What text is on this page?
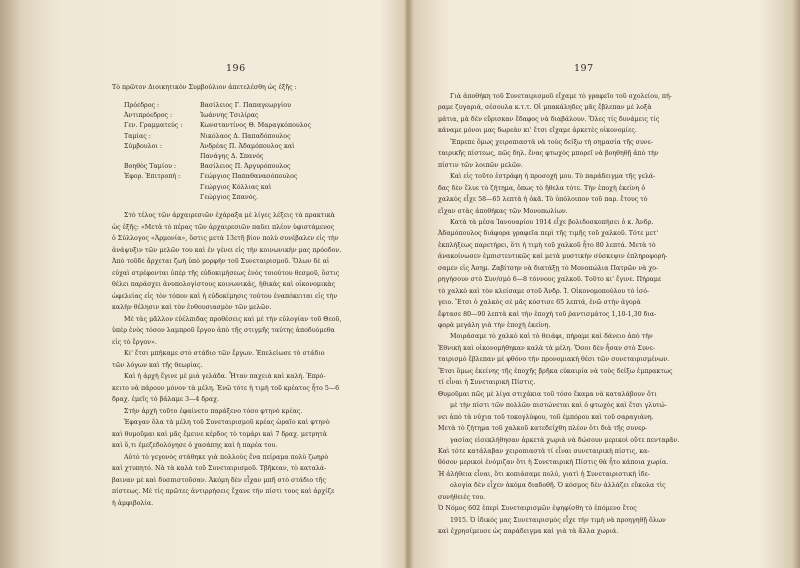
196
Τὸ πρῶτον Διοικητικὸν Συμβούλιον ἀπετελέσθη ὡς ἑξῆς :
Πρόεδρος :	Βασίλειος Γ. Παπαγεωργίου
Ἀντιπρόεδρος :	Ἰωάννης Τσιλίρας
Γεν. Γραμματεύς :	Κωνσταντίνος Θ. Μαραγκόπουλος
Ταμίας :	Νικόλαος Δ. Παπαδόπουλος
Σύμβουλοι :	Ἀνδρέας Π. Ἀδαμόπουλος καὶ
Πανάγης Δ. Σπανός
Βοηθὸς Ταμίου :	Βασίλειος Π. Ἀργυρόπουλος
Ἐφορ. Ἐπιτροπή :	Γεώργιος Παπαθανασόπουλος
Γεώργιος Κόλλιας καὶ
Γεώργιος Σπανός.
Στὸ τέλος τῶν ἀρχαιρεσιῶν ἐχάραξα μὲ λίγες λέξεις τὰ πρακτικὰ
ὡς ἑξῆς: «Μετὰ τὸ πέρας τῶν ἀρχαιρεσιῶν παῦει πλέον ὑφιστάμενος
ὁ Σύλλογος «Ἀρμονία», ὅστις μετὰ 13ετῆ βίον πολὺ συνέβαλεν εἰς τὴν
ἀνάψυξιν τῶν μελῶν του καὶ ἐν γένει εἰς τὴν κοινωνικὴν μας πρόοδον.
Ἀπὸ τοῦδε ἄρχεται ζωὴ ὑπὸ μορφὴν τοῦ Συνεταιρισμοῦ. Ὅλων δὲ αἱ
εὐχαὶ στρέφονται ὑπὲρ τῆς εὐδοκιμήσεως ἑνὸς τοιούτου θεσμοῦ, ὅστις
θέλει παράσχει ἀνυπολογίστους κοινωνικάς, ἠθικὰς καὶ οἰκονομικὰς
ὠφελείας εἰς τὸν τόπον καὶ ἡ εὐδοκίμησις τούτου ἐναπόκειται εἰς τὴν
καλὴν θέλησιν καὶ τὸν ἐνθουσιασμὸν τῶν μελῶν.
Μὲ τὰς μᾶλλον εὐέλπιδας προθέσεις καὶ μὲ τὴν εὐλογίαν τοῦ Θεοῦ,
ὑπὲρ ἑνὸς τόσον λαμπροῦ ἔργου ἀπὸ τῆς στιγμῆς ταύτης ἀποδυόμεθα
εἰς τὸ ἔργον».
Κι' ἔτσι μπήκαμε στὸ στάδιο τῶν ἔργων. Ἐπελείωσε τὸ στάδιο
τῶν λόγων καὶ τῆς θεωρίας.
Καὶ ἡ ἀρχὴ ἔγινε μὲ μιὰ γελάδα. Ἦταν παχειὰ καὶ καλή. Ἐπρό-
κειτο νὰ πάρουν μόνον τὰ μέλη. Ἐνῶ τότε ἡ τιμὴ τοῦ κρέατος ἦτο 5—6
δραχ. ἐμεῖς τὸ βάλαμε 3—4 δραχ.
Στὴν ἀρχὴ τοῦτο ἐφαίνετο παράξενο τόσο φτηνὸ κρέας.
Ἐφαγαν ὅλα τὰ μέλη τοῦ Συνεταιρισμοῦ κρέας ὡραῖο καὶ φτηνὸ
καὶ θυμοῦμαι καὶ μᾶς ἔμεινε κέρδος τὸ τομάρι καὶ 7 δραχ. μετρητὰ
καὶ ὅ,τι ἐμεζεδολόγησε ὁ χασάπης καὶ ἡ παρέα του.
Αὐτὸ τὸ γεγονὸς στάθηκε γιὰ πολλοὺς ἕνα πείραμα πολὺ ζωηρὸ
καὶ χτυπητό. Νὰ τὰ καλὰ τοῦ Συνεταιρισμοῦ. Τβῆκεαν, τὸ καταλά-
βαιναν μὲ καὶ δυσπιστοῦσαν. Ἀκόμη δὲν εἶχαν μπῆ στὸ στάδιο τῆς
πίστεως. Μὲ τὶς πρῶτες ἀντιρρήσεις ἔχανε τὴν πίστι τους καὶ ἀρχίζε
ἡ ἀμφιβολία.
197
Γιὰ ἀποθήκη τοῦ Συνεταιρισμοῦ εἴχαμε τὸ γραφεῖο τοῦ σχολείου, πή-
ραμε ζυγαριά, σέσουλα κ.τ.τ. Οἱ μπακάληδες μᾶς ἔβλεπαν μὲ λοξὰ
μάτια, μὰ δὲν εὕρισκαν ἔδαφος νὰ διαβάλουν. Ὅλες τίς δυνάμεις τίς
κάναμε μόνοι μας δωρεὰν κι' ἔτσι εἴχαμε ἀρκετὲς οἰκονομίες.
Ἔπρεπε ὅμως χειροπιαστὰ νὰ τοὺς δείξω τὴ σημασία τῆς συνε-
ταιρικῆς πίστεως, πῶς δηλ. ἕνας φτωχὸς μπορεῖ νὰ βοηθηθῇ ἀπὸ τὴν
πίστιν τῶν λοιπῶν μελῶν.
Καὶ εἰς τοῦτο ἐστράφη ἡ προσοχή μου. Τὸ παράδειγμα τῆς γελά-
δας δὲν ἔλυε τὸ ζήτημα, ὅπως τὸ ἤθελα τότε. Τὴν ἐποχὴ ἐκείνη ὁ
χαλκὸς εἶχε 58—65 λεπτὰ ἡ ὀκᾶ. Τὸ ὑπόλοιπον τοῦ παρ. ἔτους τὸ
εἴχαν στὰς ἀποθήκας τῶν Μονοπωλίων.
Κατὰ τὰ μέσα Ἰανουαρίου 1914 εἶχε βολιδοσκοπήσει ὁ κ. Ἀνδρ.
Ἀδαμόπουλος διάφορα γραφεῖα περὶ τῆς τιμῆς τοῦ χαλκοῦ. Τότε μετ'
ἐκπλήξεως παρετήρει, ὅτι ἡ τιμὴ τοῦ χαλκοῦ ἦτο 80 λεπτά. Μετὰ τὸ
ἀνακοίνωσεν ἐμπιστευτικῶς καὶ μετὰ μυστικὴν σύσκεψιν ἐπληροφορή-
σαμεν εἰς Ἀσημ. Ζαβίτσην νὰ διατάξῃ τὸ Μονοπώλια Πατρῶν νὰ χο-
ρηγήσουν στὸ Συν/σμὸ 6—8 τόννους χαλκοῦ. Τοῦτο κι' ἔγινε. Πήραμε
τὸ χαλκὸ καὶ τὸν κλείσαμε στοῦ Ἀνδρ. Ἰ. Οἰκονομοπούλου τὸ ἰσό-
γειο. Ἔτσι ὁ χαλκὸς σὲ μᾶς κόστισε 65 λεπτά, ἐνῶ στὴν ἀγορὰ
ἔφτασε 80—90 λεπτὰ καὶ τὴν ἐποχὴ τοῦ ῥαντισμάτος 1,10-1,30 δια-
φορὰ μεγάλη γιὰ τὴν ἐποχὴ ἐκείνη.
Μοιράσαμε τὸ χαλκὸ καὶ τὸ θειάφι, πήραμε καὶ δάνειο ἀπὸ τὴν
Ἐθνικὴ καὶ οἰκονομήθηκαν καλὰ τὰ μέλη. Ὅσοι δὲν ἦσαν στὸ Συνε-
ταιρισμὸ ἔβλεπαν μὲ φθόνο τὴν προνομιακὴ θέσι τῶν συνεταιρισμένων.
Ἔτσι ὅμως ἐκείνης τῆς ἐποχῆς βρῆκα εὐκαιρία νὰ τοὺς δείξω ἐμπρακτως
τί εἶναι ἡ Συνεταιρικὴ Πίστις.
Θυμοῦμαι πῶς μὲ λίγα στιχάκια τοῦ τόσο ἔκαμα νὰ καταλάβουν ὅτι
μὲ τὴν πίστι τῶν πολλῶν πιστώνεται καὶ ὁ φτωχὸς καὶ ἔτσι γλυτώ-
νει ἀπὸ τὰ νύχια τοῦ τοκογλύφου, τοῦ ἐμπόρου καὶ τοῦ σαραγιάνη.
Μετὰ τὸ ζήτημα τοῦ χαλκοῦ κατεδείχθη πλέον ὅτι διὰ τῆς συνερ-
γασίας εἰσεκλήθησαν ἀρκετὰ χωριὰ νὰ δώσουν μερικοὶ οὔτε πενταρᾶν.
Καὶ τότε κατάλαβαν χειροπιαστὰ τί εἶναι συνεταιρικὴ πίστις, κα-
θόσον μερικοὶ ἐνόμιζαν ὅτι ἡ Συνεταιρικὴ Πίστις θὰ ἦτο κάποια χωρία.
Ἡ ἀλήθεια εἶναι, ὅτι κοπιάσαμε πολύ, γιατὶ ἡ Συνεταιριστικὴ ἰδε-
ολογία δὲν εἶχεν ἀκόμα διαδοθῆ. Ὁ κόσμος δὲν ἀλλάζει εὔκολα τὶς
συνήθειές του.
Ὁ Νόμος 602 ἐπερὶ Συνεταιρισμῶν ἐψηφίσθη τὸ ἑπόμενο ἔτος
1915. Ὁ ἰδικός μας Συνεταιρισμὸς εἶχε τὴν τιμὴ νὰ προηγηθῇ ὅλων
καὶ ἐχρησίμευσε ὡς παράδειγμα καὶ γιὰ τὰ ἄλλα χωριά.
